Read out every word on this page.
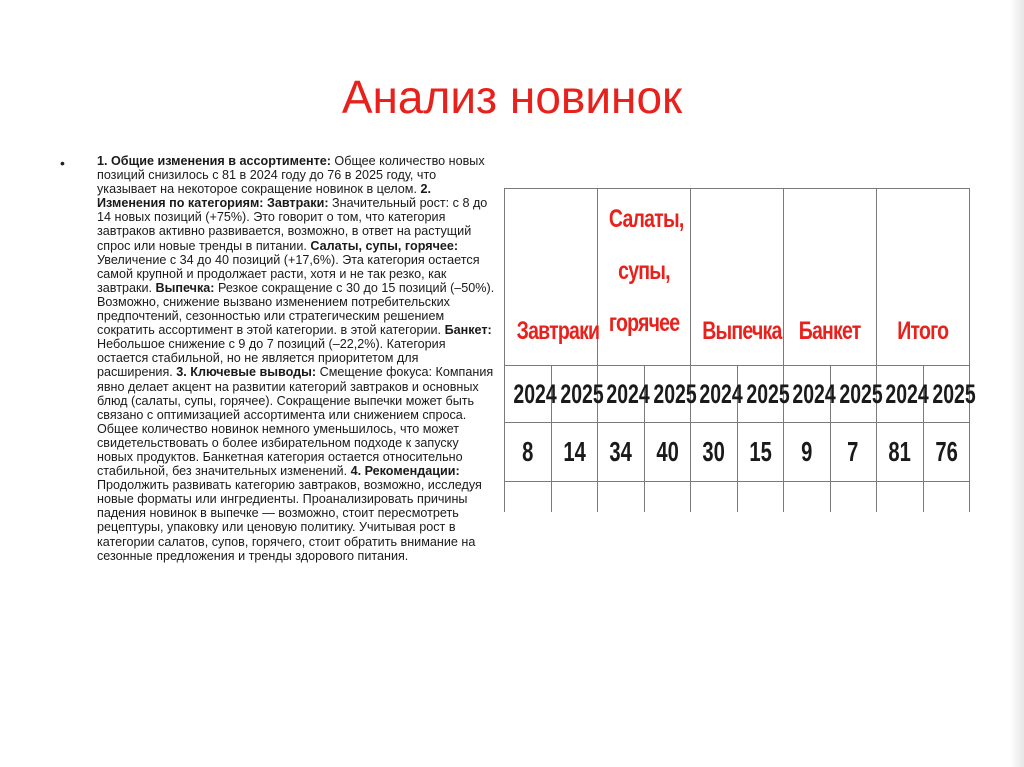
Анализ новинок
•	1. Общие изменения в ассортименте: Общее количество новых позиций снизилось с 81 в 2024 году до 76 в 2025 году, что указывает на некоторое сокращение новинок в целом. 2. Изменения по категориям: Завтраки: Значительный рост: с 8 до 14 новых позиций (+75%). Это говорит о том, что категория завтраков активно развивается, возможно, в ответ на растущий спрос или новые тренды в питании. Салаты, супы, горячее: Увеличение с 34 до 40 позиций (+17,6%). Эта категория остается самой крупной и продолжает расти, хотя и не так резко, как завтраки. Выпечка: Резкое сокращение с 30 до 15 позиций (–50%). Возможно, снижение вызвано изменением потребительских предпочтений, сезонностью или стратегическим решением сократить ассортимент в этой категории. в этой категории. Банкет: Небольшое снижение с 9 до 7 позиций (–22,2%). Категория остается стабильной, но не является приоритетом для расширения. 3. Ключевые выводы: Смещение фокуса: Компания явно делает акцент на развитии категорий завтраков и основных блюд (салаты, супы, горячее). Сокращение выпечки может быть связано с оптимизацией ассортимента или снижением спроса. Общее количество новинок немного уменьшилось, что может свидетельствовать о более избирательном подходе к запуску новых продуктов. Банкетная категория остается относительно стабильной, без значительных изменений. 4. Рекомендации: Продолжить развивать категорию завтраков, возможно, исследуя новые форматы или ингредиенты. Проанализировать причины падения новинок в выпечке — возможно, стоит пересмотреть рецептуры, упаковку или ценовую политику. Учитывая рост в категории салатов, супов, горячего, стоит обратить внимание на сезонные предложения и тренды здорового питания.
Завтраки		Салаты, супы, горячее		Выпечка		Банкет		Итого	
2024	2025	2024	2025	2024	2025	2024	2025	2024	2025
8	14	34	40	30	15	9	7	81	76
